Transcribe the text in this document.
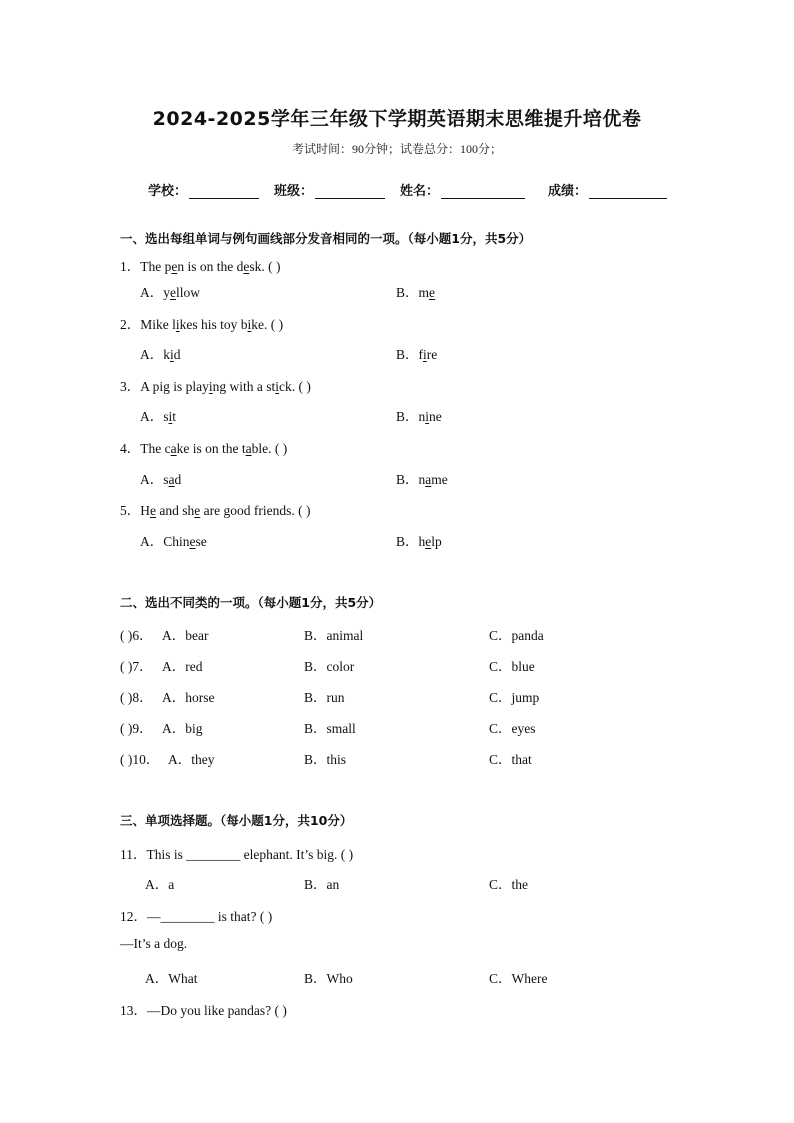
2024-2025学年三年级下学期英语期末思维提升培优卷
考试时间：90分钟；试卷总分：100分；
学校：	班级：	姓名：	成绩：
一、选出每组单词与例句画线部分发音相同的一项。（每小题1分，共5分）
1．The pen is on the desk. ( )
A．yellow	B．me
2．Mike likes his toy bike. ( )
A．kid	B．fire
3．A pig is playing with a stick. ( )
A．sit	B．nine
4．The cake is on the table. ( )
A．sad	B．name
5．He and she are good friends. ( )
A．Chinese	B．help
二、选出不同类的一项。（每小题1分，共5分）
( )6． A．bear	B．animal	C．panda
( )7． A．red	B．color	C．blue
( )8． A．horse	B．run	C．jump
( )9． A．big	B．small	C．eyes
( )10． A．they	B．this	C．that
三、单项选择题。（每小题1分，共10分）
11．This is ________ elephant. It’s big. ( )
A．a	B．an	C．the
12．—________ is that? ( )
—It’s a dog.
A．What	B．Who	C．Where
13．—Do you like pandas? ( )
